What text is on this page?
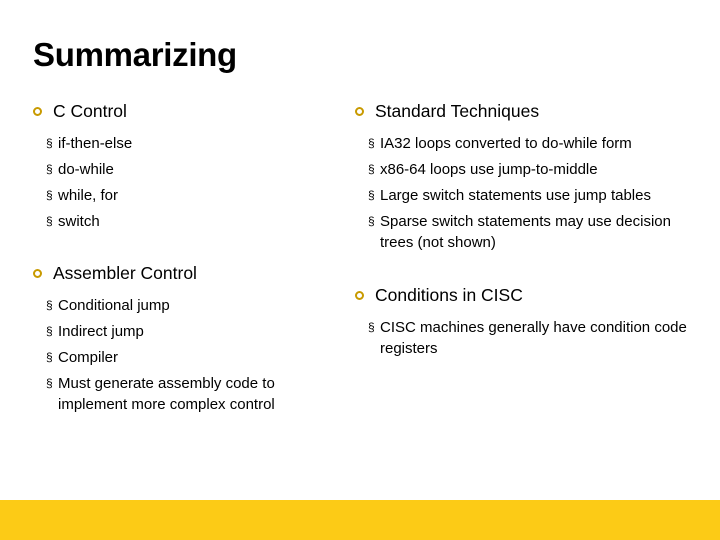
Summarizing
C Control
§ if-then-else
§ do-while
§ while, for
§ switch
Assembler Control
§ Conditional jump
§ Indirect jump
§ Compiler
§ Must generate assembly code to implement more complex control
Standard Techniques
§ IA32 loops converted to do-while form
§ x86-64 loops use jump-to-middle
§ Large switch statements use jump tables
§ Sparse switch statements may use decision trees (not shown)
Conditions in CISC
§ CISC machines generally have condition code registers
